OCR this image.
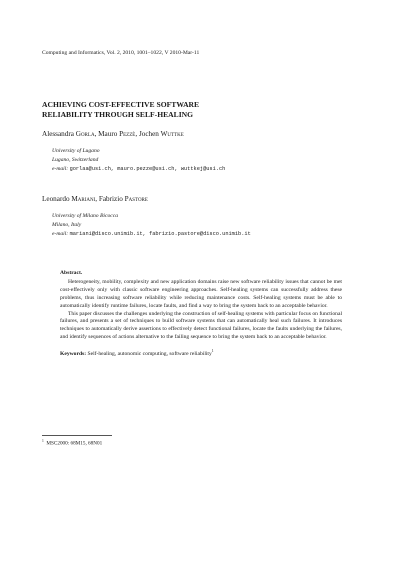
Computing and Informatics, Vol. 2, 2010, 1001–1022, V 2010-Mar-11
ACHIEVING COST-EFFECTIVE SOFTWARE
RELIABILITY THROUGH SELF-HEALING
Alessandra Gorla, Mauro Pezzè, Jochen Wuttke
University of Lugano
Lugano, Switzerland
e-mail: gorlaa@usi.ch, mauro.pezze@usi.ch, wuttkej@usi.ch
Leonardo Mariani, Fabrizio Pastore
University of Milano Bicocca
Milano, Italy
e-mail: mariani@disco.unimib.it, fabrizio.pastore@disco.unimib.it

Abstract.

Heterogeneity, mobility, complexity and new application domains raise new software reliability issues that cannot be met cost-effectively only with classic software engineering approaches. Self-healing systems can successfully address these problems, thus increasing software reliability while reducing maintenance costs. Self-healing systems must be able to automatically identify runtime failures, locate faults, and find a way to bring the system back to an acceptable behavior.

This paper discusses the challenges underlying the construction of self-healing systems with particular focus on functional failures, and presents a set of techniques to build software systems that can automatically heal such failures. It introduces techniques to automatically derive assertions to effectively detect functional failures, locate the faults underlying the failures, and identify sequences of actions alternative to the failing sequence to bring the system back to an acceptable behavior.

Keywords: Self-healing, autonomic computing, software reliability$^1$

$^1$ MSC2000: 68M15, 68N01
